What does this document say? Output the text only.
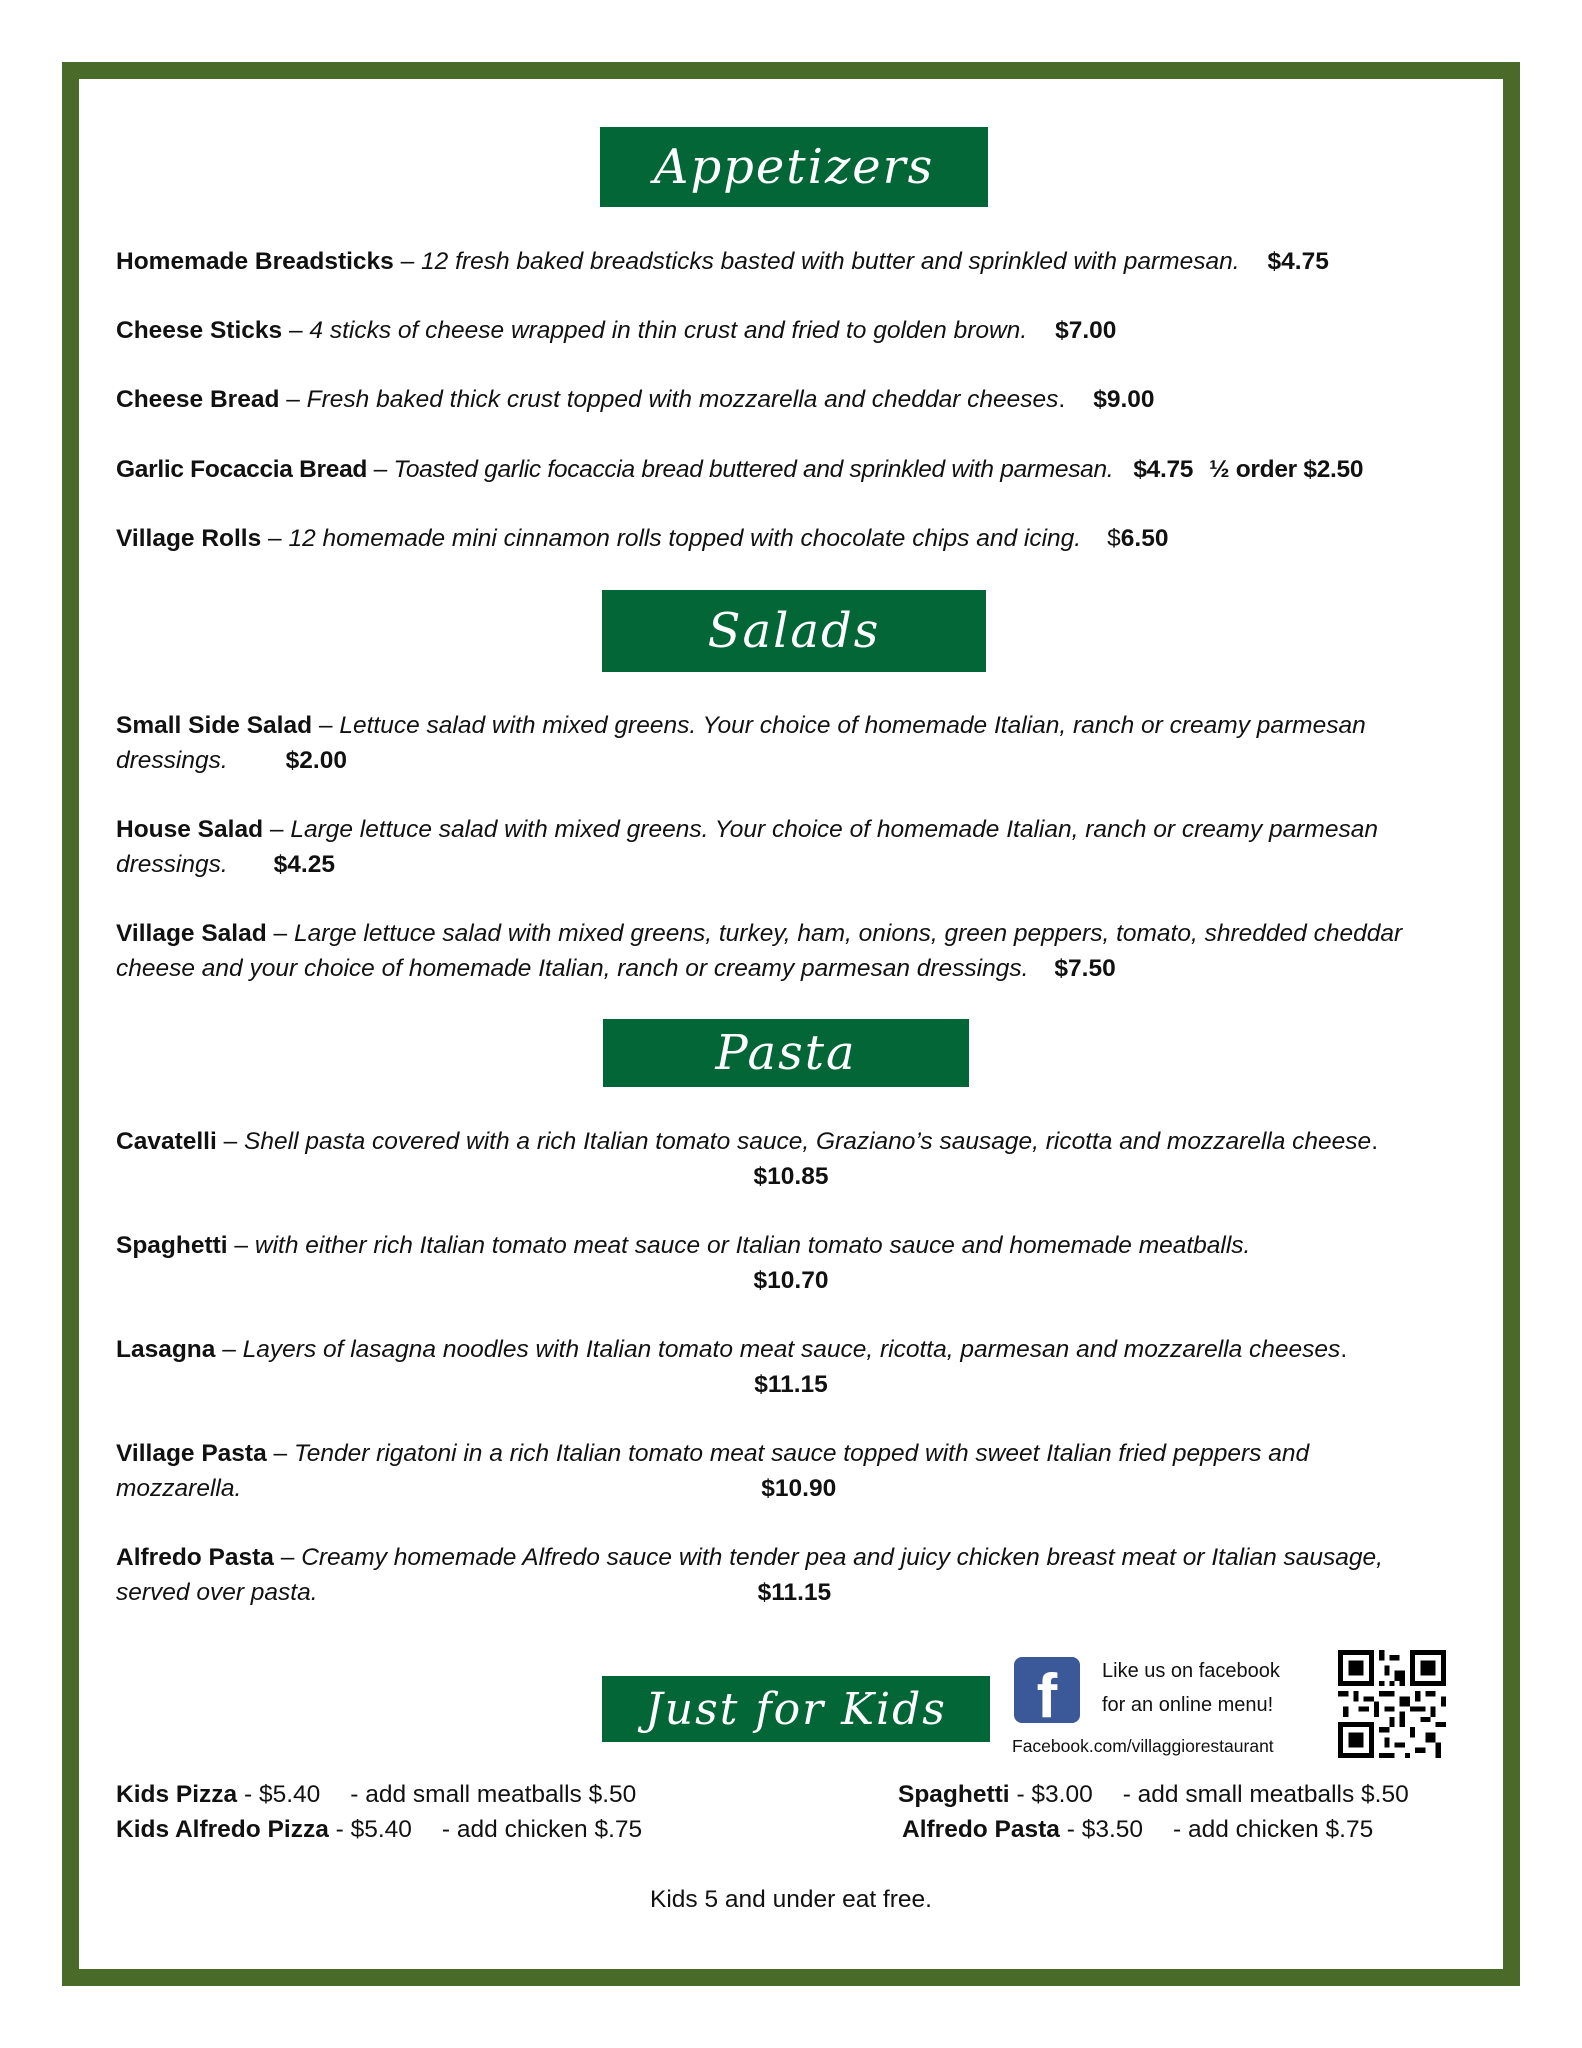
Appetizers
Homemade Breadsticks – 12 fresh baked breadsticks basted with butter and sprinkled with parmesan. $4.75
Cheese Sticks – 4 sticks of cheese wrapped in thin crust and fried to golden brown. $7.00
Cheese Bread – Fresh baked thick crust topped with mozzarella and cheddar cheeses. $9.00
Garlic Focaccia Bread – Toasted garlic focaccia bread buttered and sprinkled with parmesan. $4.75 ½ order $2.50
Village Rolls – 12 homemade mini cinnamon rolls topped with chocolate chips and icing. $6.50
Salads
Small Side Salad – Lettuce salad with mixed greens. Your choice of homemade Italian, ranch or creamy parmesan dressings. $2.00
House Salad – Large lettuce salad with mixed greens. Your choice of homemade Italian, ranch or creamy parmesan dressings. $4.25
Village Salad – Large lettuce salad with mixed greens, turkey, ham, onions, green peppers, tomato, shredded cheddar cheese and your choice of homemade Italian, ranch or creamy parmesan dressings. $7.50
Pasta
Cavatelli – Shell pasta covered with a rich Italian tomato sauce, Graziano’s sausage, ricotta and mozzarella cheese.
$10.85
Spaghetti – with either rich Italian tomato meat sauce or Italian tomato sauce and homemade meatballs.
$10.70
Lasagna – Layers of lasagna noodles with Italian tomato meat sauce, ricotta, parmesan and mozzarella cheeses.
$11.15
Village Pasta – Tender rigatoni in a rich Italian tomato meat sauce topped with sweet Italian fried peppers and mozzarella.	$10.90
Alfredo Pasta – Creamy homemade Alfredo sauce with tender pea and juicy chicken breast meat or Italian sausage, served over pasta.	$11.15
Just for Kids	f	Like us on facebook
for an online menu!
Facebook.com/villaggiorestaurant
Kids Pizza - $5.40 - add small meatballs $.50
Kids Alfredo Pizza - $5.40 - add chicken $.75
Spaghetti - $3.00 - add small meatballs $.50
Alfredo Pasta - $3.50 - add chicken $.75
Kids 5 and under eat free.
